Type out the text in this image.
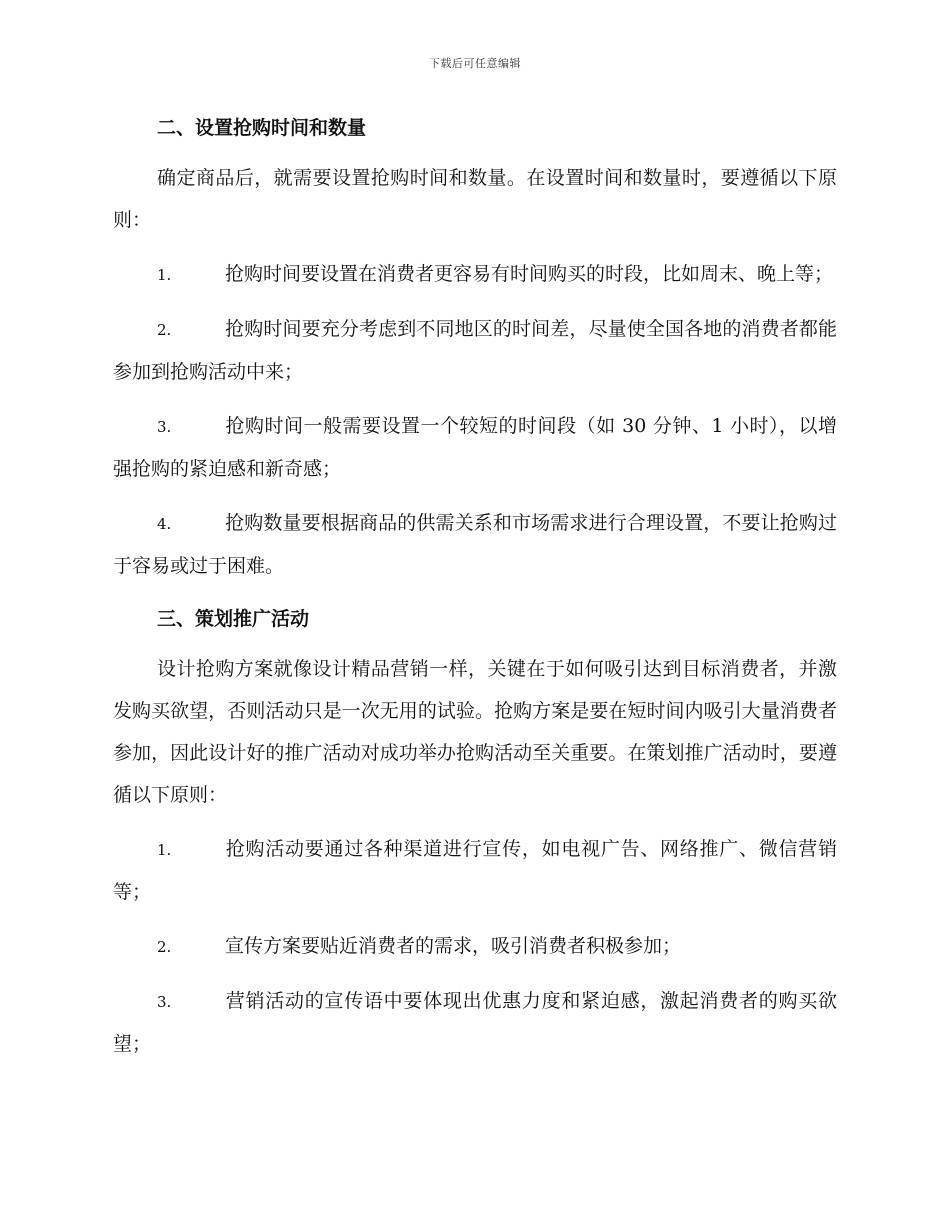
下载后可任意编辑
二、设置抢购时间和数量

确定商品后，就需要设置抢购时间和数量。在设置时间和数量时，要遵循以下原则：

1.	抢购时间要设置在消费者更容易有时间购买的时段，比如周末、晚上等；
2.	抢购时间要充分考虑到不同地区的时间差，尽量使全国各地的消费者都能参加到抢购活动中来；
3.	抢购时间一般需要设置一个较短的时间段（如 30 分钟、1 小时），以增强抢购的紧迫感和新奇感；
4.	抢购数量要根据商品的供需关系和市场需求进行合理设置，不要让抢购过于容易或过于困难。
三、策划推广活动

设计抢购方案就像设计精品营销一样，关键在于如何吸引达到目标消费者，并激发购买欲望，否则活动只是一次无用的试验。抢购方案是要在短时间内吸引大量消费者参加，因此设计好的推广活动对成功举办抢购活动至关重要。在策划推广活动时，要遵循以下原则：

1.	抢购活动要通过各种渠道进行宣传，如电视广告、网络推广、微信营销等；
2.	宣传方案要贴近消费者的需求，吸引消费者积极参加；
3.	营销活动的宣传语中要体现出优惠力度和紧迫感，激起消费者的购买欲望；
